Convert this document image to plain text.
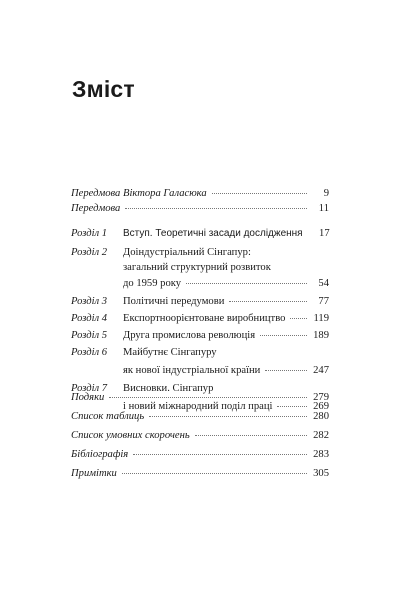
Зміст
Передмова Віктора Галасюка	9
Передмова	11
Розділ 1	Вступ. Теоретичні засади дослідження	17
Розділ 2	Доіндустріальний Сінгапур:
загальний структурний розвиток
до 1959 року	54
Розділ 3	Політичні передумови	77
Розділ 4	Експортноорієнтоване виробництво	119
Розділ 5	Друга промислова революція	189
Розділ 6	Майбутнє Сінгапуру
як нової індустріальної країни	247
Розділ 7	Висновки. Сінгапур
і новий міжнародний поділ праці	269
Подяки	279
Список таблиць	280
Список умовних скорочень	282
Бібліографія	283
Примітки	305
